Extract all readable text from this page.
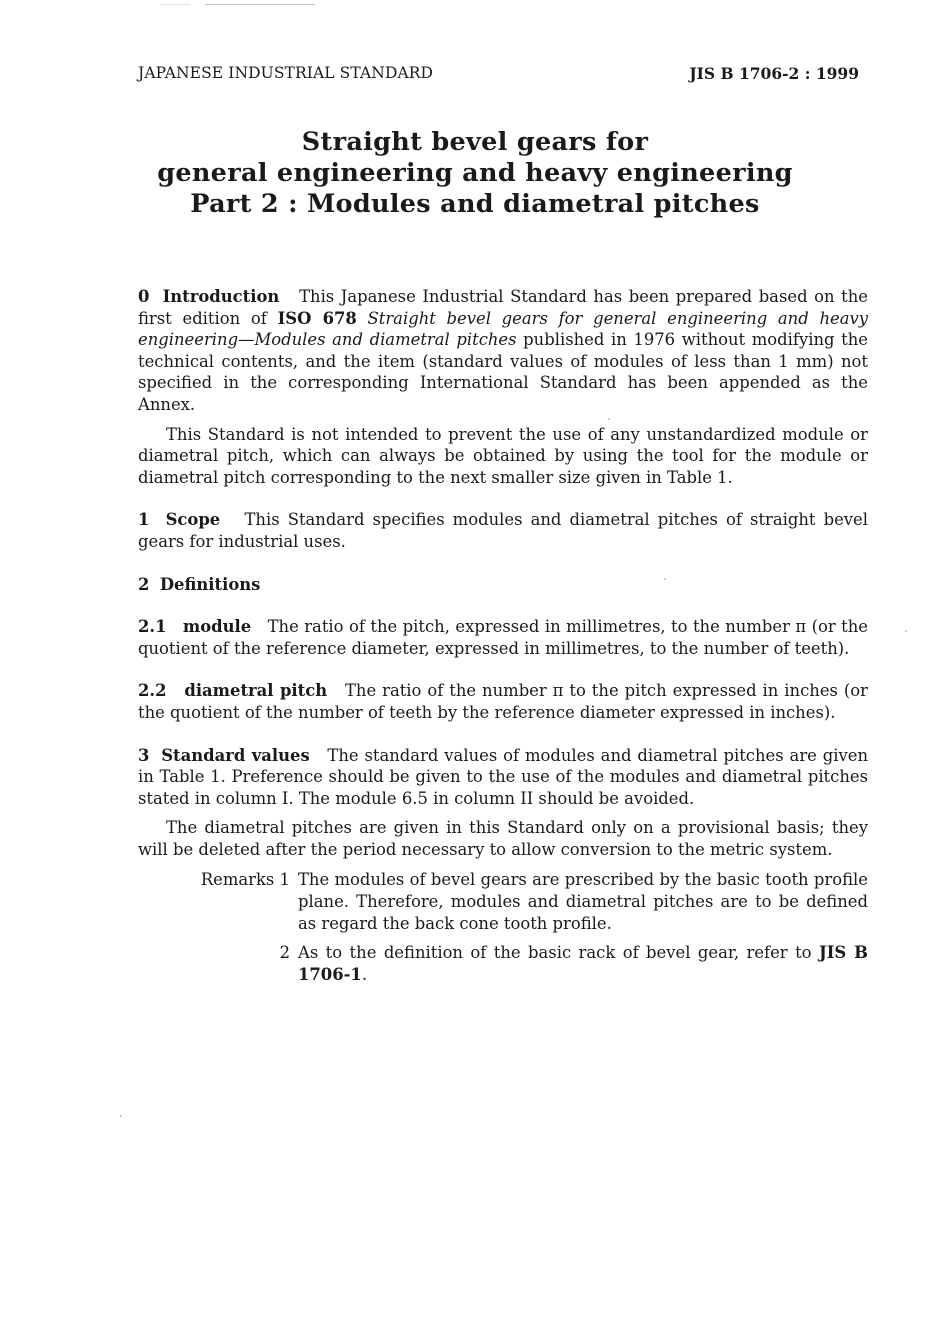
JAPANESE INDUSTRIAL STANDARD	JIS B 1706-2 : 1999
Straight bevel gears for
general engineering and heavy engineering
Part 2 : Modules and diametral pitches

0 Introduction This Japanese Industrial Standard has been prepared based on the first edition of ISO 678 Straight bevel gears for general engineering and heavy engineering—Modules and diametral pitches published in 1976 without modifying the technical contents, and the item (standard values of modules of less than 1 mm) not specified in the corresponding International Standard has been appended as the Annex.

This Standard is not intended to prevent the use of any unstandardized module or diametral pitch, which can always be obtained by using the tool for the module or diametral pitch corresponding to the next smaller size given in Table 1.

1 Scope This Standard specifies modules and diametral pitches of straight bevel gears for industrial uses.

2 Definitions

2.1 module The ratio of the pitch, expressed in millimetres, to the number π (or the quotient of the reference diameter, expressed in millimetres, to the number of teeth).

2.2 diametral pitch The ratio of the number π to the pitch expressed in inches (or the quotient of the number of teeth by the reference diameter expressed in inches).

3 Standard values The standard values of modules and diametral pitches are given in Table 1. Preference should be given to the use of the modules and diametral pitches stated in column I. The module 6.5 in column II should be avoided.

The diametral pitches are given in this Standard only on a provisional basis; they will be deleted after the period necessary to allow conversion to the metric system.

Remarks 1 The modules of bevel gears are prescribed by the basic tooth profile plane. Therefore, modules and diametral pitches are to be defined as regard the back cone tooth profile.
2 As to the definition of the basic rack of bevel gear, refer to JIS B 1706-1.
